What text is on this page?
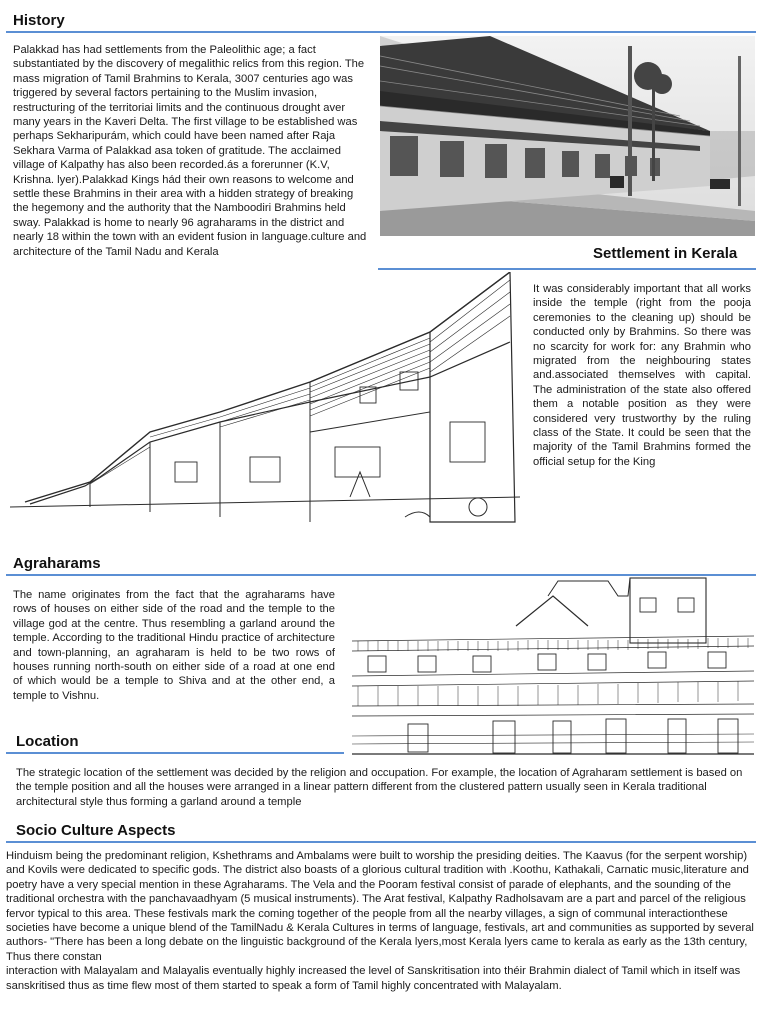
History

Palakkad has had settlements from the Paleolithic age; a fact substantiated by the discovery of megalithic relics from this region. The mass migration of Tamil Brahmins to Kerala, 3007 centuries ago was triggered by several factors pertaining to the Muslim invasion, restructuring of the territoriai limits and the continuous drought aver many years in the Kaveri Delta. The first village to be established was perhaps Sekharipurám, which could have been named after Raja Sekhara Varma of Palakkad asa token of gratitude. The acclaimed village of Kalpathy has also been recorded.ás a forerunner (K.V, Krishna. lyer).Palakkad Kings hád their own reasons to welcome and settle these Brahmins in their area with a hidden strategy of breaking the hegemony and the authority that the Namboodiri Brahmins held sway. Palakkad is home to nearly 96 agraharams in the district and nearly 18 within the town with an evident fusion in language.culture and architecture of the Tamil Nadu and Kerala	Settlement in Kerala

It was considerably important that all works inside the temple (right from the pooja ceremonies to the cleaning up) should be conducted only by Brahmins. So there was no scarcity for work for: any Brahmin who migrated from the neighbouring states and.associated themselves with capital. The administration of the state also offered them a notable position as they were considered very trustworthy by the ruling class of the State. It could be seen that the majority of the Tamil Brahmins formed the official setup for the King

Agraharams

The name originates from the fact that the agraharams have rows of houses on either side of the road and the temple to the village god at the centre. Thus resembling a garland around the temple. According to the traditional Hindu practice of architecture and town-planning, an agraharam is held to be two rows of houses running north-south on either side of a road at one end of which would be a temple to Shiva and at the other end, a temple to Vishnu.

Location

The strategic location of the settlement was decided by the religion and occupation. For example, the location of Agraharam settlement is based on the temple position and all the houses were arranged in a linear pattern different from the clustered pattern usually seen in Kerala traditional architectural style thus forming a garland around a temple

Socio Culture Aspects

Hinduism being the predominant religion, Kshethrams and Ambalams were built to worship the presiding deities. The Kaavus (for the serpent worship) and Kovils were dedicated to specific gods. The district also boasts of a glorious cultural tradition with .Koothu, Kathakali, Carnatic music,literature and poetry have a very special mention in these Agraharams. The Vela and the Pooram festival consist of parade of elephants, and the sounding of the traditional orchestra with the panchavaadhyam (5 musical instruments). The Arat festival, Kalpathy Radholsavam are a part and parcel of the religious fervor typical to this area. These festivals mark the coming together of the people from all the nearby villages, a sign of communal interactionthese societies have become a unique blend of the TamilNadu & Kerala Cultures in terms of language, festivals, art and communities as supported by several authors- "There has been a long debate on the linguistic background of the Kerala lyers,most Kerala lyers came to kerala as early as the 13th century, Thus there constan
interaction with Malayalam and Malayalis eventually highly increased the level of Sanskritisation into théir Brahmin dialect of Tamil which in itself was sanskritised thus as time flew most of them started to speak a form of Tamil highly concentrated with Malayalam.
